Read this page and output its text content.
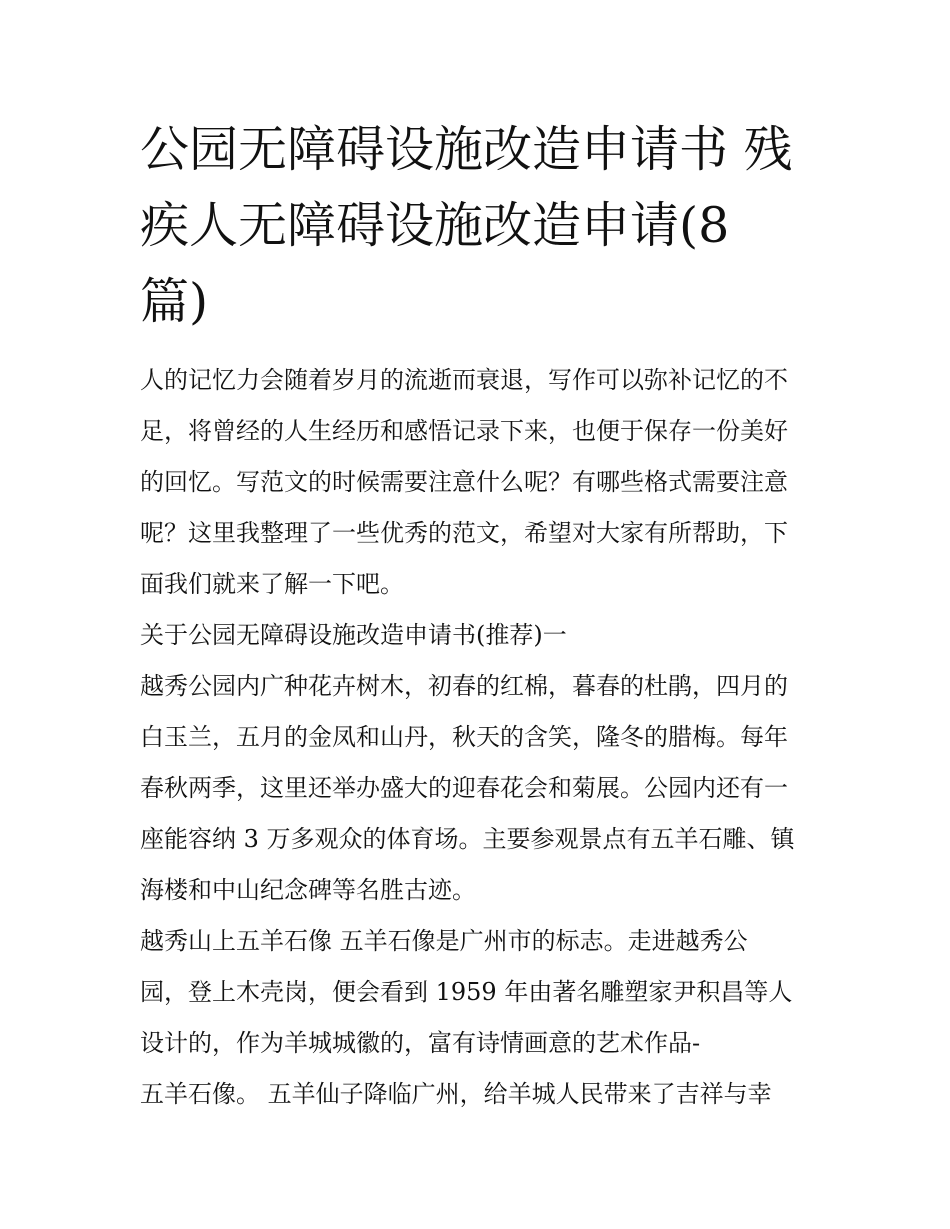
公园无障碍设施改造申请书 残
疾人无障碍设施改造申请(8
篇)

人的记忆力会随着岁月的流逝而衰退，写作可以弥补记忆的不

足，将曾经的人生经历和感悟记录下来，也便于保存一份美好

的回忆。写范文的时候需要注意什么呢？有哪些格式需要注意

呢？这里我整理了一些优秀的范文，希望对大家有所帮助，下

面我们就来了解一下吧。

关于公园无障碍设施改造申请书(推荐)一

越秀公园内广种花卉树木，初春的红棉，暮春的杜鹃，四月的

白玉兰，五月的金凤和山丹，秋天的含笑，隆冬的腊梅。每年

春秋两季，这里还举办盛大的迎春花会和菊展。公园内还有一

座能容纳 3 万多观众的体育场。主要参观景点有五羊石雕、镇

海楼和中山纪念碑等名胜古迹。

越秀山上五羊石像 五羊石像是广州市的标志。走进越秀公

园，登上木壳岗，便会看到 1959 年由著名雕塑家尹积昌等人

设计的，作为羊城城徽的，富有诗情画意的艺术作品-

五羊石像。 五羊仙子降临广州，给羊城人民带来了吉祥与幸
